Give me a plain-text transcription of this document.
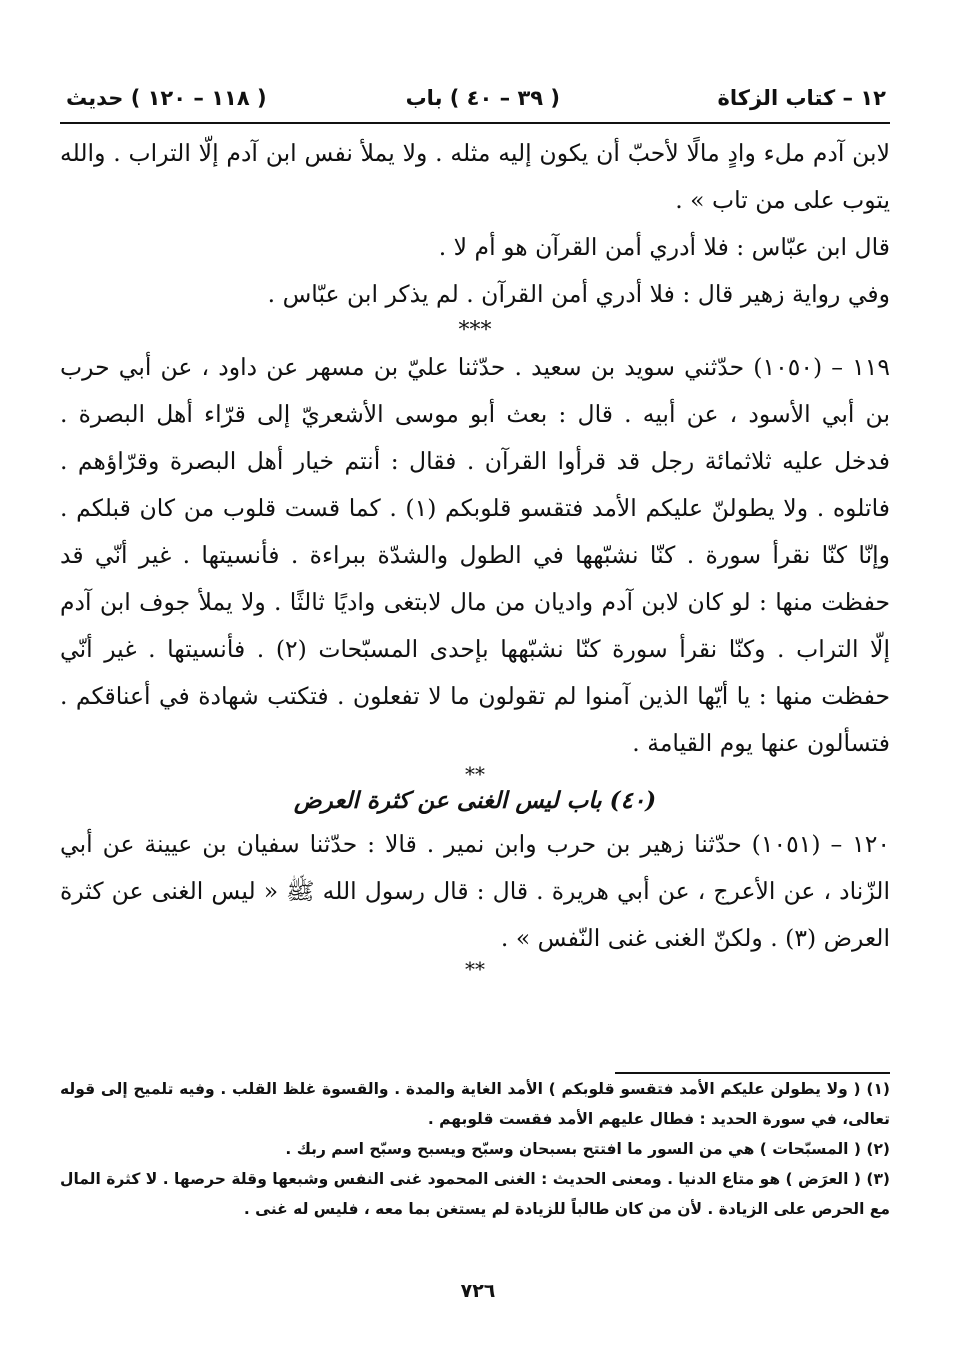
١٢ – كتاب الزكاة
( ٣٩ – ٤٠ ) باب
( ١١٨ – ١٢٠ ) حديث

لابن آدم ملء وادٍ مالًا لأحبّ أن يكون إليه مثله . ولا يملأ نفس ابن آدم إلّا التراب . والله يتوب على من تاب » .

قال ابن عبّاس : فلا أدري أمن القرآن هو أم لا .

وفي رواية زهير قال : فلا أدري أمن القرآن . لم يذكر ابن عبّاس .

***

١١٩ – (١٠٥٠) حدّثني سويد بن سعيد . حدّثنا عليّ بن مسهر عن داود ، عن أبي حرب بن أبي الأسود ، عن أبيه . قال : بعث أبو موسى الأشعريّ إلى قرّاء أهل البصرة . فدخل عليه ثلاثمائة رجل قد قرأوا القرآن . فقال : أنتم خيار أهل البصرة وقرّاؤهم . فاتلوه . ولا يطولنّ عليكم الأمد فتقسو قلوبكم (١) . كما قست قلوب من كان قبلكم . وإنّا كنّا نقرأ سورة . كنّا نشبّهها في الطول والشدّة ببراءة . فأنسيتها . غير أنّي قد حفظت منها : لو كان لابن آدم واديان من مال لابتغى واديًا ثالثًا . ولا يملأ جوف ابن آدم إلّا التراب . وكنّا نقرأ سورة كنّا نشبّهها بإحدى المسبّحات (٢) . فأنسيتها . غير أنّي حفظت منها : يا أيّها الذين آمنوا لم تقولون ما لا تفعلون . فتكتب شهادة في أعناقكم . فتسألون عنها يوم القيامة .

**

(٤٠) باب ليس الغنى عن كثرة العرض

١٢٠ – (١٠٥١) حدّثنا زهير بن حرب وابن نمير . قالا : حدّثنا سفيان بن عيينة عن أبي الزّناد ، عن الأعرج ، عن أبي هريرة . قال : قال رسول الله ﷺ « ليس الغنى عن كثرة العرض (٣) . ولكنّ الغنى غنى النّفس » .

**

(١) ( ولا يطولن عليكم الأمد فتقسو قلوبكم ) الأمد الغاية والمدة . والقسوة غلظ القلب . وفيه تلميح إلى قوله تعالى، في سورة الحديد : فطال عليهم الأمد فقست قلوبهم .

(٢) ( المسبّحات ) هي من السور ما افتتح بسبحان وسبّح ويسبح وسبّح اسم ربك .

(٣) ( العرَض ) هو متاع الدنيا . ومعنى الحديث : الغنى المحمود غنى النفس وشبعها وقلة حرصها . لا كثرة المال مع الحرص على الزيادة . لأن من كان طالباً للزيادة لم يستغن بما معه ، فليس له غنى .

٧٢٦
